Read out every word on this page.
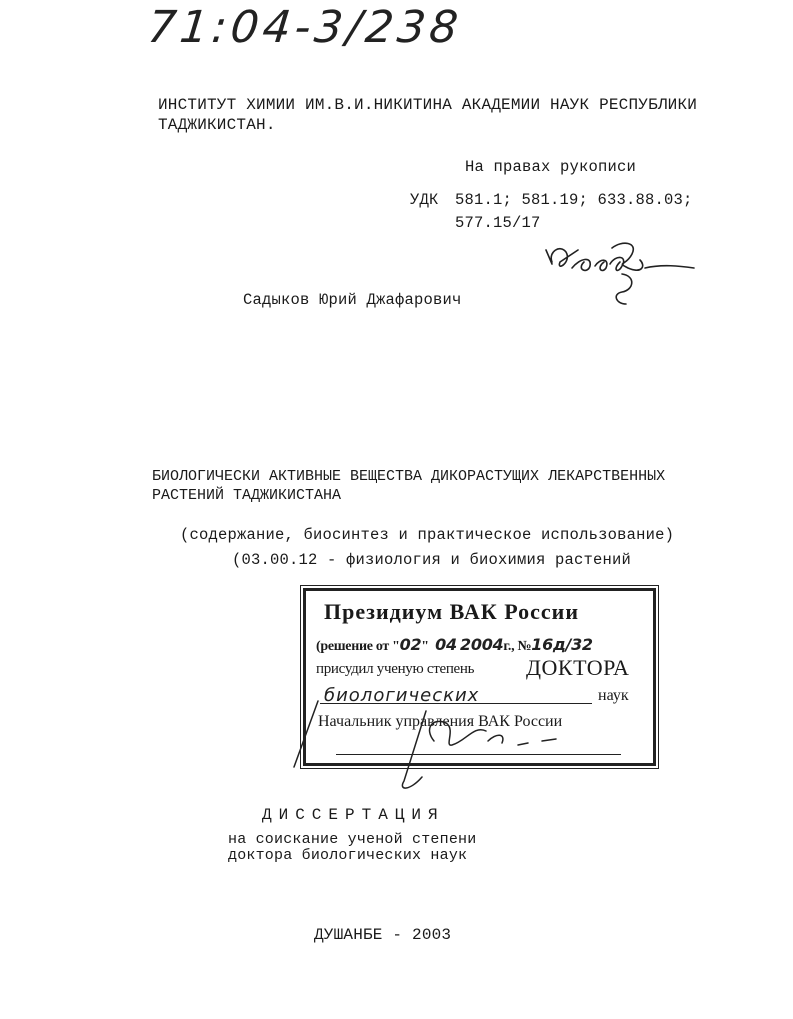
71:04-3/238
ИНСТИТУТ ХИМИИ ИМ.В.И.НИКИТИНА АКАДЕМИИ НАУК РЕСПУБЛИКИ
ТАДЖИКИСТАН.
На правах рукописи
УДК 581.1; 581.19; 633.88.03;
577.15/17
Садыков Юрий Джафарович
БИОЛОГИЧЕСКИ АКТИВНЫЕ ВЕЩЕСТВА ДИКОРАСТУЩИХ ЛЕКАРСТВЕННЫХ
РАСТЕНИЙ ТАДЖИКИСТАНА
(содержание, биосинтез и практическое использование)
(03.00.12 - физиология и биохимия растений
Президиум ВАК России
(решение от "02" 04 2004г., №16д/32
присудил ученую степень ДОКТОРА
биологических	наук
Начальник управления ВАК России
ДИССЕРТАЦИЯ
на соискание ученой степени
доктора биологических наук
ДУШАНБЕ - 2003
